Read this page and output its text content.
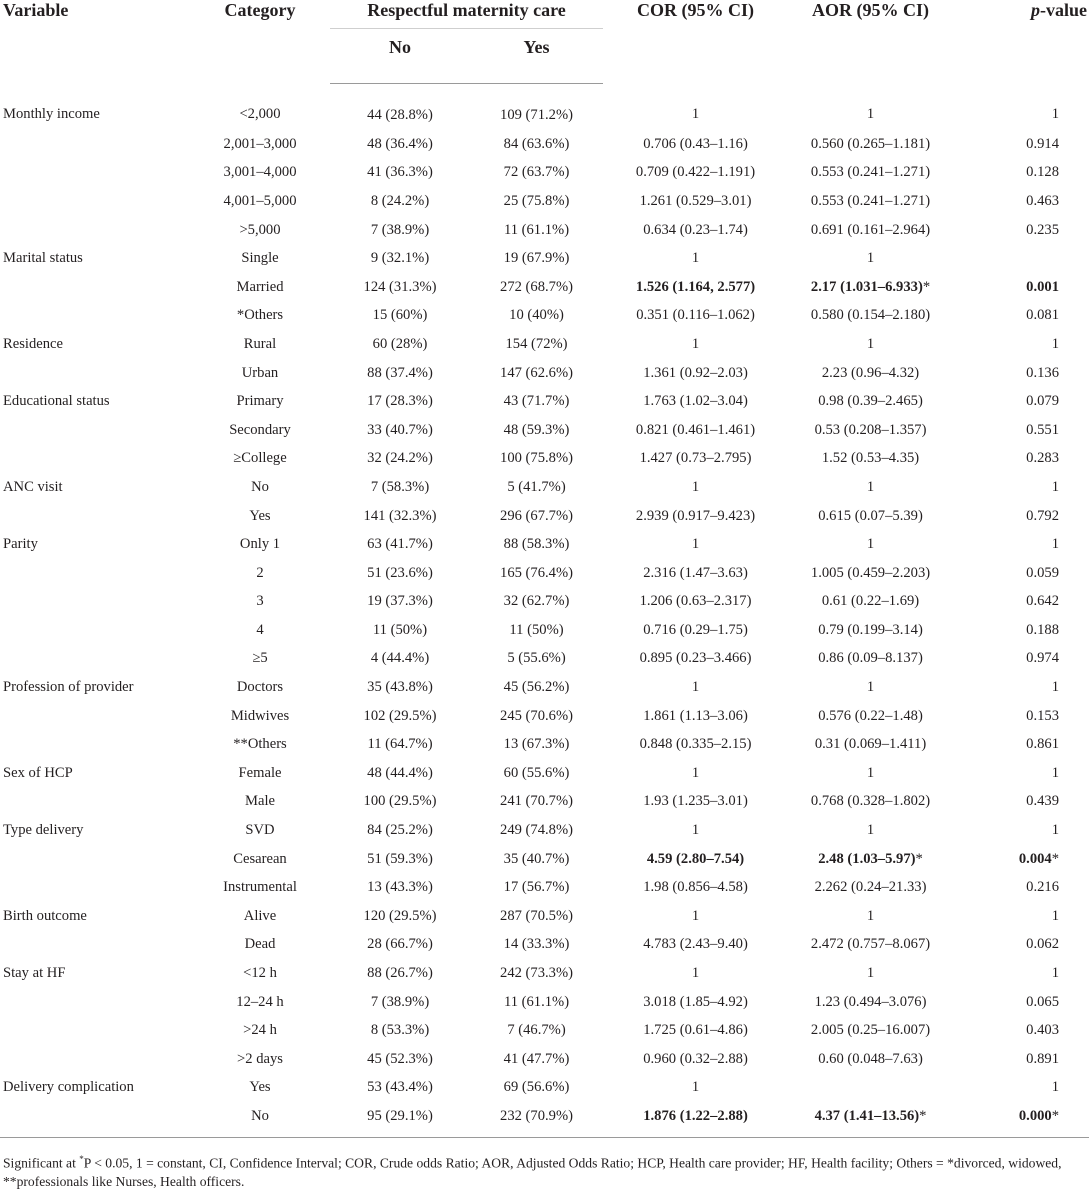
Variable	Category	Respectful maternity care		COR (95% CI)	AOR (95% CI)	p-value
		No	Yes			
Monthly income	<2,000	44 (28.8%)	109 (71.2%)	1	1	1
	2,001–3,000	48 (36.4%)	84 (63.6%)	0.706 (0.43–1.16)	0.560 (0.265–1.181)	0.914
	3,001–4,000	41 (36.3%)	72 (63.7%)	0.709 (0.422–1.191)	0.553 (0.241–1.271)	0.128
	4,001–5,000	8 (24.2%)	25 (75.8%)	1.261 (0.529–3.01)	0.553 (0.241–1.271)	0.463
	>5,000	7 (38.9%)	11 (61.1%)	0.634 (0.23–1.74)	0.691 (0.161–2.964)	0.235
Marital status	Single	9 (32.1%)	19 (67.9%)	1	1	
	Married	124 (31.3%)	272 (68.7%)	1.526 (1.164, 2.577)	2.17 (1.031–6.933)*	0.001
	*Others	15 (60%)	10 (40%)	0.351 (0.116–1.062)	0.580 (0.154–2.180)	0.081
Residence	Rural	60 (28%)	154 (72%)	1	1	1
	Urban	88 (37.4%)	147 (62.6%)	1.361 (0.92–2.03)	2.23 (0.96–4.32)	0.136
Educational status	Primary	17 (28.3%)	43 (71.7%)	1.763 (1.02–3.04)	0.98 (0.39–2.465)	0.079
	Secondary	33 (40.7%)	48 (59.3%)	0.821 (0.461–1.461)	0.53 (0.208–1.357)	0.551
	≥College	32 (24.2%)	100 (75.8%)	1.427 (0.73–2.795)	1.52 (0.53–4.35)	0.283
ANC visit	No	7 (58.3%)	5 (41.7%)	1	1	1
	Yes	141 (32.3%)	296 (67.7%)	2.939 (0.917–9.423)	0.615 (0.07–5.39)	0.792
Parity	Only 1	63 (41.7%)	88 (58.3%)	1	1	1
	2	51 (23.6%)	165 (76.4%)	2.316 (1.47–3.63)	1.005 (0.459–2.203)	0.059
	3	19 (37.3%)	32 (62.7%)	1.206 (0.63–2.317)	0.61 (0.22–1.69)	0.642
	4	11 (50%)	11 (50%)	0.716 (0.29–1.75)	0.79 (0.199–3.14)	0.188
	≥5	4 (44.4%)	5 (55.6%)	0.895 (0.23–3.466)	0.86 (0.09–8.137)	0.974
Profession of provider	Doctors	35 (43.8%)	45 (56.2%)	1	1	1
	Midwives	102 (29.5%)	245 (70.6%)	1.861 (1.13–3.06)	0.576 (0.22–1.48)	0.153
	**Others	11 (64.7%)	13 (67.3%)	0.848 (0.335–2.15)	0.31 (0.069–1.411)	0.861
Sex of HCP	Female	48 (44.4%)	60 (55.6%)	1	1	1
	Male	100 (29.5%)	241 (70.7%)	1.93 (1.235–3.01)	0.768 (0.328–1.802)	0.439
Type delivery	SVD	84 (25.2%)	249 (74.8%)	1	1	1
	Cesarean	51 (59.3%)	35 (40.7%)	4.59 (2.80–7.54)	2.48 (1.03–5.97)*	0.004*
	Instrumental	13 (43.3%)	17 (56.7%)	1.98 (0.856–4.58)	2.262 (0.24–21.33)	0.216
Birth outcome	Alive	120 (29.5%)	287 (70.5%)	1	1	1
	Dead	28 (66.7%)	14 (33.3%)	4.783 (2.43–9.40)	2.472 (0.757–8.067)	0.062
Stay at HF	<12 h	88 (26.7%)	242 (73.3%)	1	1	1
	12–24 h	7 (38.9%)	11 (61.1%)	3.018 (1.85–4.92)	1.23 (0.494–3.076)	0.065
	>24 h	8 (53.3%)	7 (46.7%)	1.725 (0.61–4.86)	2.005 (0.25–16.007)	0.403
	>2 days	45 (52.3%)	41 (47.7%)	0.960 (0.32–2.88)	0.60 (0.048–7.63)	0.891
Delivery complication	Yes	53 (43.4%)	69 (56.6%)	1		1
	No	95 (29.1%)	232 (70.9%)	1.876 (1.22–2.88)	4.37 (1.41–13.56)*	0.000*

Significant at *P < 0.05, 1 = constant, CI, Confidence Interval; COR, Crude odds Ratio; AOR, Adjusted Odds Ratio; HCP, Health care provider; HF, Health facility; Others = *divorced, widowed, **professionals like Nurses, Health officers.
